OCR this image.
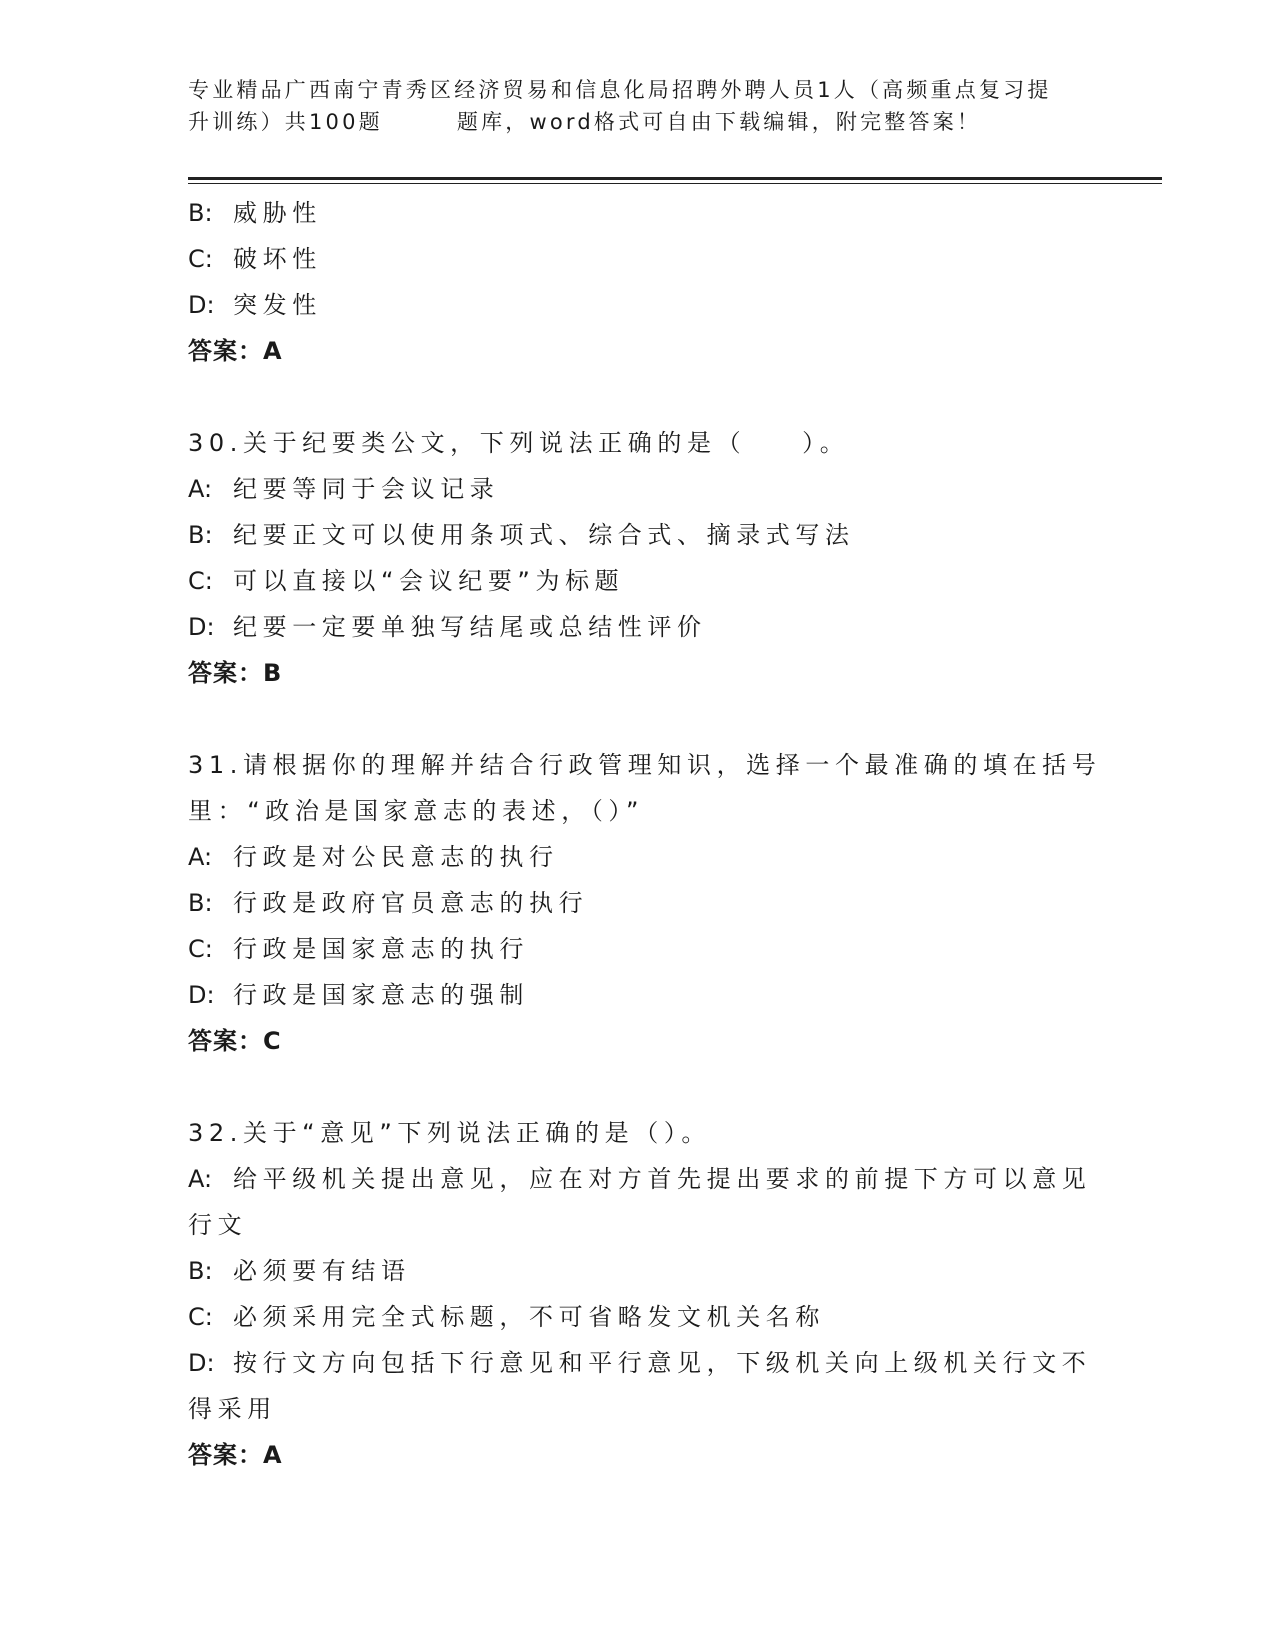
专业精品广西南宁青秀区经济贸易和信息化局招聘外聘人员1人（高频重点复习提
升训练）共100题	题库，word格式可自由下载编辑，附完整答案！
B: 威胁性
C: 破坏性
D: 突发性
答案：A
30.关于纪要类公文，下列说法正确的是（ ）。
A: 纪要等同于会议记录
B: 纪要正文可以使用条项式、综合式、摘录式写法
C: 可以直接以“会议纪要”为标题
D: 纪要一定要单独写结尾或总结性评价
答案：B
31.请根据你的理解并结合行政管理知识，选择一个最准确的填在括号
里：“政治是国家意志的表述，（）”
A: 行政是对公民意志的执行
B: 行政是政府官员意志的执行
C: 行政是国家意志的执行
D: 行政是国家意志的强制
答案：C
32.关于“意见”下列说法正确的是（）。
A: 给平级机关提出意见，应在对方首先提出要求的前提下方可以意见
行文
B: 必须要有结语
C: 必须采用完全式标题，不可省略发文机关名称
D: 按行文方向包括下行意见和平行意见，下级机关向上级机关行文不
得采用
答案：A
